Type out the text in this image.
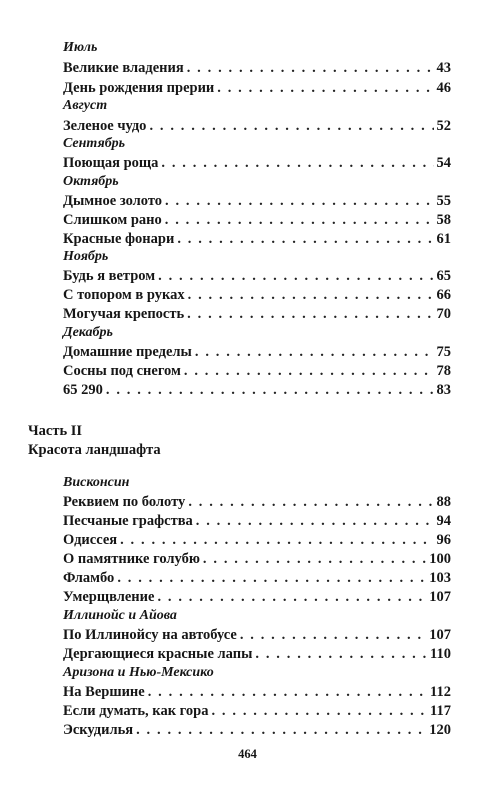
Июль
Великие владения . . .	43
День рождения прерии . . .	46
Август
Зеленое чудо . . .	52
Сентябрь
Поющая роща . . .	54
Октябрь
Дымное золото . . .	55
Слишком рано . . .	58
Красные фонари . . .	61
Ноябрь
Будь я ветром . . .	65
С топором в руках . . .	66
Могучая крепость . . .	70
Декабрь
Домашние пределы . . .	75
Сосны под снегом . . .	78
65 290 . . .	83
Часть II
Красота ландшафта
Висконсин
Реквием по болоту . . .	88
Песчаные графства . . .	94
Одиссея . . .	96
О памятнике голубю . . .	100
Фламбо . . .	103
Умерщвление . . .	107
Иллинойс и Айова
По Иллинойсу на автобусе . . .	107
Дергающиеся красные лапы . . .	110
Аризона и Нью-Мексико
На Вершине . . .	112
Если думать, как гора . . .	117
Эскудилья . . .	120
464
